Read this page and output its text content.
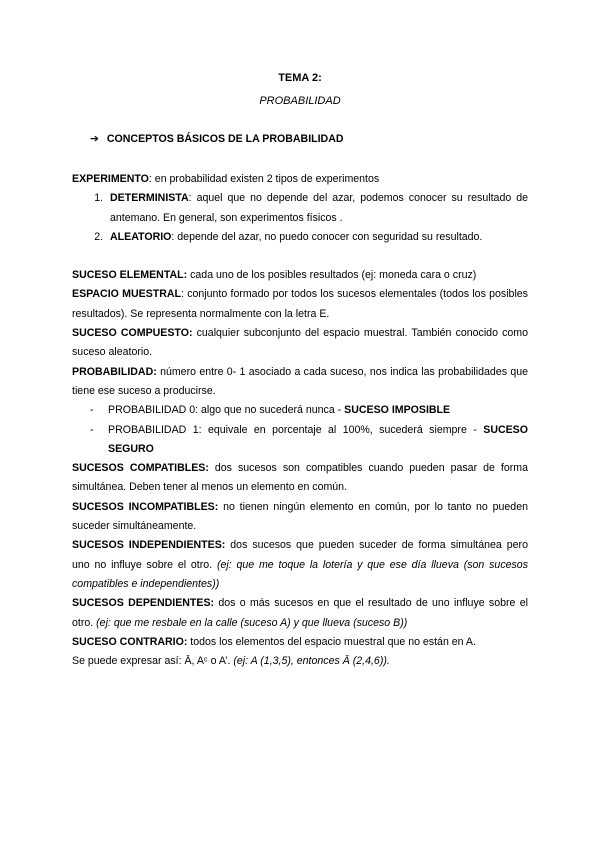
TEMA 2:
PROBABILIDAD
➔ CONCEPTOS BÁSICOS DE LA PROBABILIDAD

EXPERIMENTO: en probabilidad existen 2 tipos de experimentos

1. DETERMINISTA: aquel que no depende del azar, podemos conocer su resultado de antemano. En general, son experimentos físicos .
2. ALEATORIO: depende del azar, no puedo conocer con seguridad su resultado.

SUCESO ELEMENTAL: cada uno de los posibles resultados (ej: moneda cara o cruz)

ESPACIO MUESTRAL: conjunto formado por todos los sucesos elementales (todos los posibles resultados). Se representa normalmente con la letra E.

SUCESO COMPUESTO: cualquier subconjunto del espacio muestral. También conocido como suceso aleatorio.

PROBABILIDAD: número entre 0- 1 asociado a cada suceso, nos indica las probabilidades que tiene ese suceso a producirse.

- PROBABILIDAD 0: algo que no sucederá nunca - SUCESO IMPOSIBLE
- PROBABILIDAD 1: equivale en porcentaje al 100%, sucederá siempre - SUCESO SEGURO

SUCESOS COMPATIBLES: dos sucesos son compatibles cuando pueden pasar de forma simultánea. Deben tener al menos un elemento en común.

SUCESOS INCOMPATIBLES: no tienen ningún elemento en común, por lo tanto no pueden suceder simultáneamente.

SUCESOS INDEPENDIENTES: dos sucesos que pueden suceder de forma simultánea pero uno no influye sobre el otro. (ej: que me toque la lotería y que ese día llueva (son sucesos compatibles e independientes))

SUCESOS DEPENDIENTES: dos o más sucesos en que el resultado de uno influye sobre el otro. (ej: que me resbale en la calle (suceso A) y que llueva (suceso B))

SUCESO CONTRARIO: todos los elementos del espacio muestral que no están en A.

Se puede expresar así: Ā, Aᶜ o A’. (ej: A (1,3,5), entonces Ā (2,4,6)).
